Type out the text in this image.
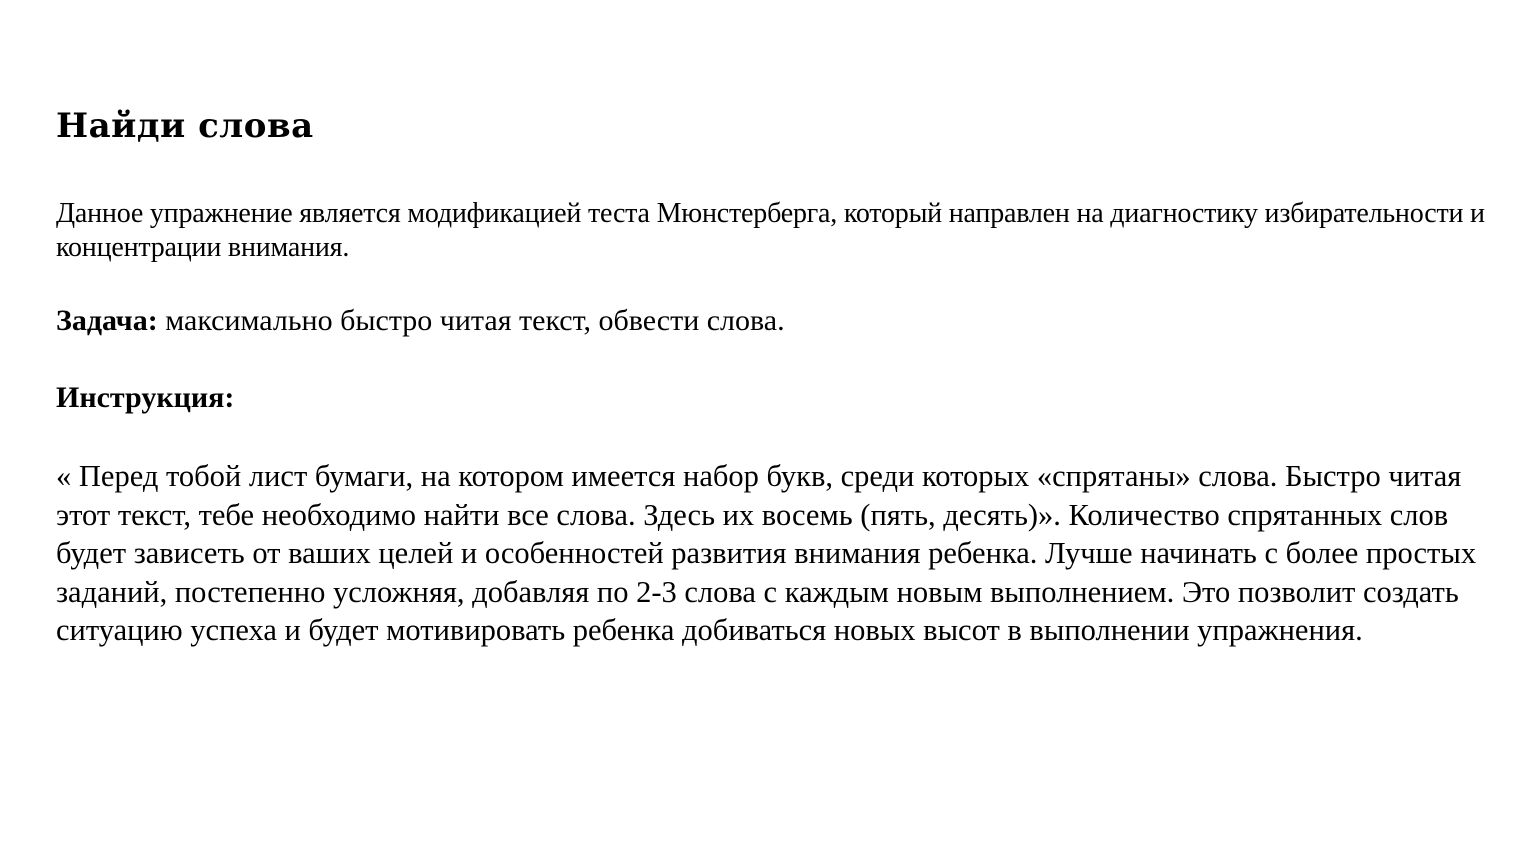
Найди слова

Данное упражнение является модификацией теста Мюнстерберга, который направлен на диагностику избирательности и концентрации внимания.

Задача: максимально быстро читая текст, обвести слова.

Инструкция:

« Перед тобой лист бумаги, на котором имеется набор букв, среди которых «спрятаны» слова. Быстро читая этот текст, тебе необходимо найти все слова. Здесь их восемь (пять, десять)». Количество спрятанных слов будет зависеть от ваших целей и особенностей развития внимания ребенка. Лучше начинать с более простых заданий, постепенно усложняя, добавляя по 2-3 слова с каждым новым выполнением. Это позволит создать ситуацию успеха и будет мотивировать ребенка добиваться новых высот в выполнении упражнения.
